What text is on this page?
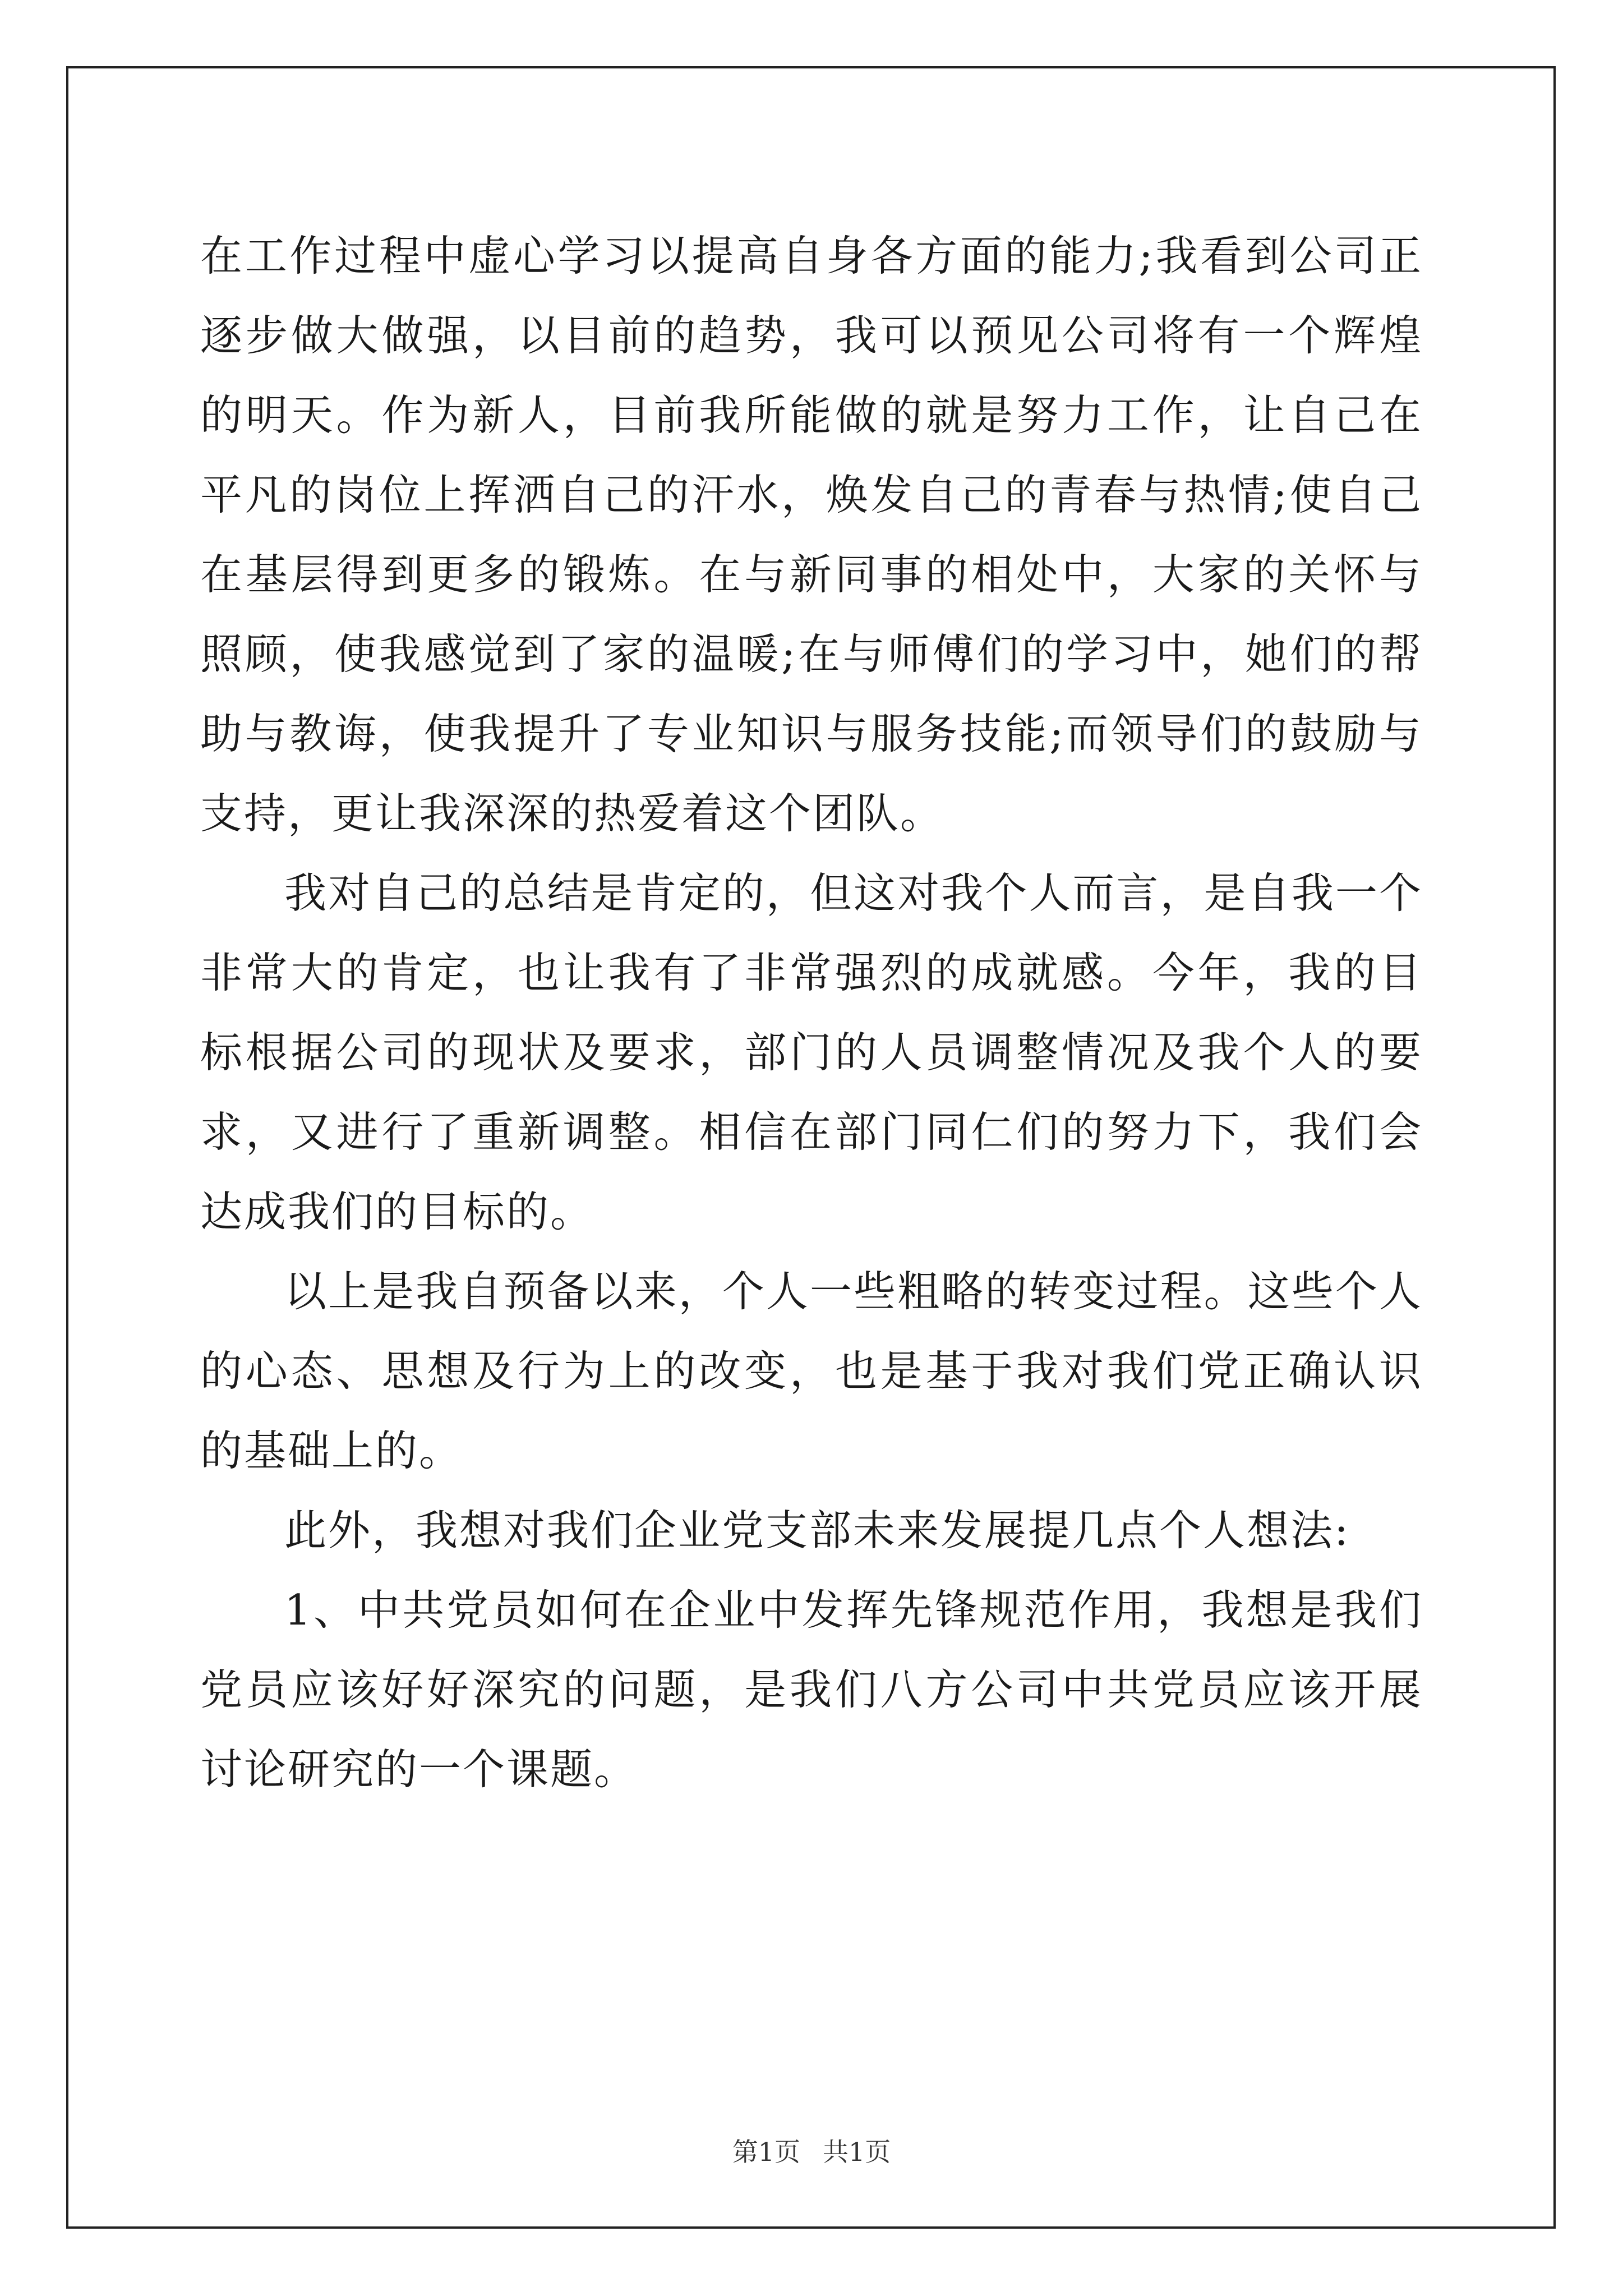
在工作过程中虚心学习以提高自身各方面的能力;我看到公司正逐步做大做强，以目前的趋势，我可以预见公司将有一个辉煌的明天。作为新人，目前我所能做的就是努力工作，让自己在平凡的岗位上挥洒自己的汗水，焕发自己的青春与热情;使自己在基层得到更多的锻炼。在与新同事的相处中，大家的关怀与照顾，使我感觉到了家的温暖;在与师傅们的学习中，她们的帮助与教诲，使我提升了专业知识与服务技能;而领导们的鼓励与支持，更让我深深的热爱着这个团队。

我对自己的总结是肯定的，但这对我个人而言，是自我一个非常大的肯定，也让我有了非常强烈的成就感。今年，我的目标根据公司的现状及要求，部门的人员调整情况及我个人的要求，又进行了重新调整。相信在部门同仁们的努力下，我们会达成我们的目标的。

以上是我自预备以来，个人一些粗略的转变过程。这些个人的心态、思想及行为上的改变，也是基于我对我们党正确认识的基础上的。

此外，我想对我们企业党支部未来发展提几点个人想法:

1、中共党员如何在企业中发挥先锋规范作用，我想是我们党员应该好好深究的问题，是我们八方公司中共党员应该开展讨论研究的一个课题。

第1页 共1页
